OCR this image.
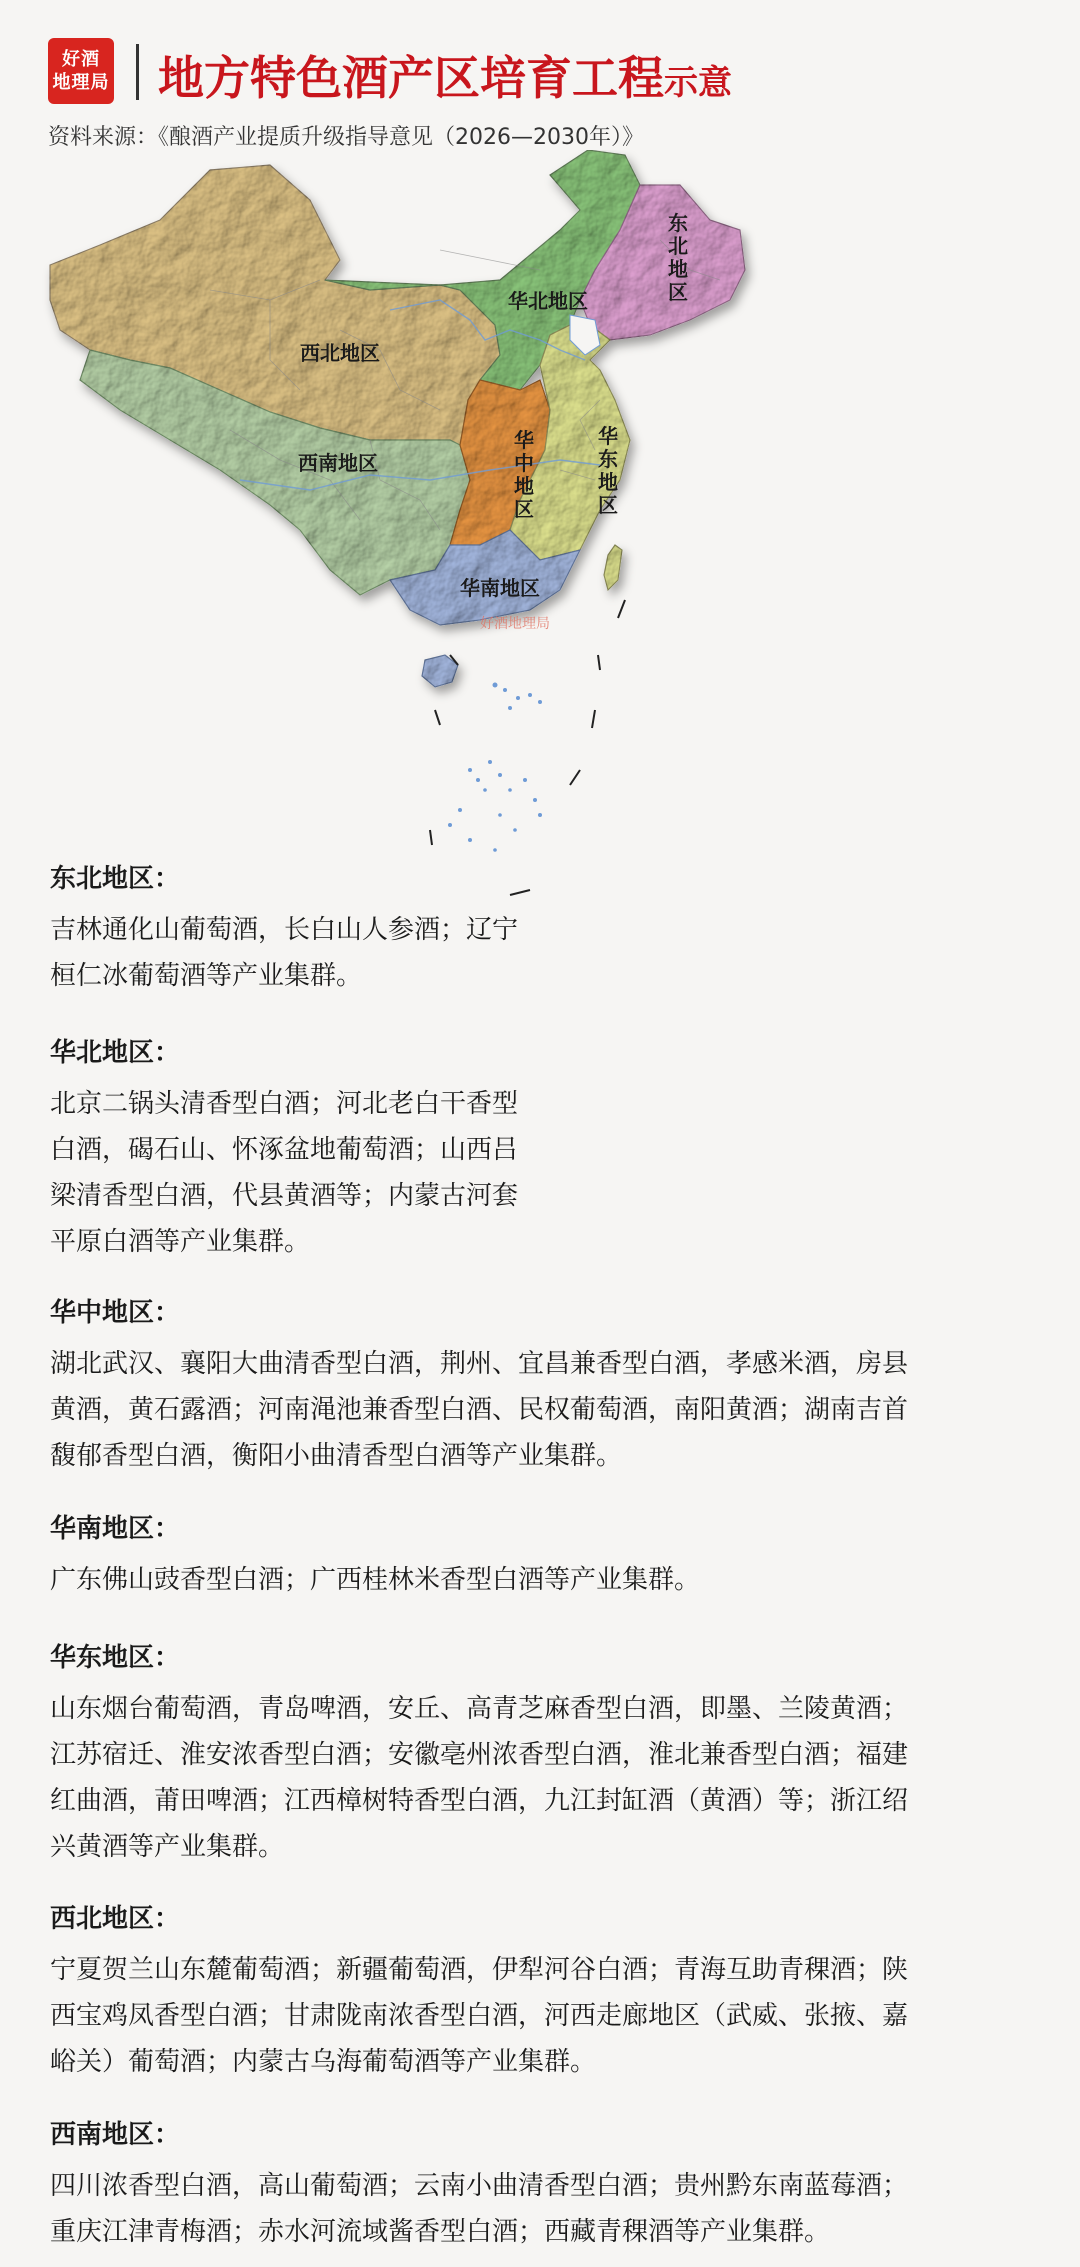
好酒
地理局 地方特色酒产区培育工程示意
资料来源：《酿酒产业提质升级指导意见（2026—2030年）》
好酒地理局
东
北
地
区
华北地区
西北地区
西南地区
华
中
地
区
华
东
地
区
华南地区

东北地区：

吉林通化山葡萄酒，长白山人参酒；辽宁

桓仁冰葡萄酒等产业集群。

华北地区：

北京二锅头清香型白酒；河北老白干香型

白酒，碣石山、怀涿盆地葡萄酒；山西吕

梁清香型白酒，代县黄酒等；内蒙古河套

平原白酒等产业集群。

华中地区：

湖北武汉、襄阳大曲清香型白酒，荆州、宜昌兼香型白酒，孝感米酒，房县

黄酒，黄石露酒；河南渑池兼香型白酒、民权葡萄酒，南阳黄酒；湖南吉首

馥郁香型白酒，衡阳小曲清香型白酒等产业集群。

华南地区：

广东佛山豉香型白酒；广西桂林米香型白酒等产业集群。

华东地区：

山东烟台葡萄酒，青岛啤酒，安丘、高青芝麻香型白酒，即墨、兰陵黄酒；

江苏宿迁、淮安浓香型白酒；安徽亳州浓香型白酒，淮北兼香型白酒；福建

红曲酒，莆田啤酒；江西樟树特香型白酒，九江封缸酒（黄酒）等；浙江绍

兴黄酒等产业集群。

西北地区：

宁夏贺兰山东麓葡萄酒；新疆葡萄酒，伊犁河谷白酒；青海互助青稞酒；陕

西宝鸡凤香型白酒；甘肃陇南浓香型白酒，河西走廊地区（武威、张掖、嘉

峪关）葡萄酒；内蒙古乌海葡萄酒等产业集群。

西南地区：

四川浓香型白酒，高山葡萄酒；云南小曲清香型白酒；贵州黔东南蓝莓酒；

重庆江津青梅酒；赤水河流域酱香型白酒；西藏青稞酒等产业集群。
